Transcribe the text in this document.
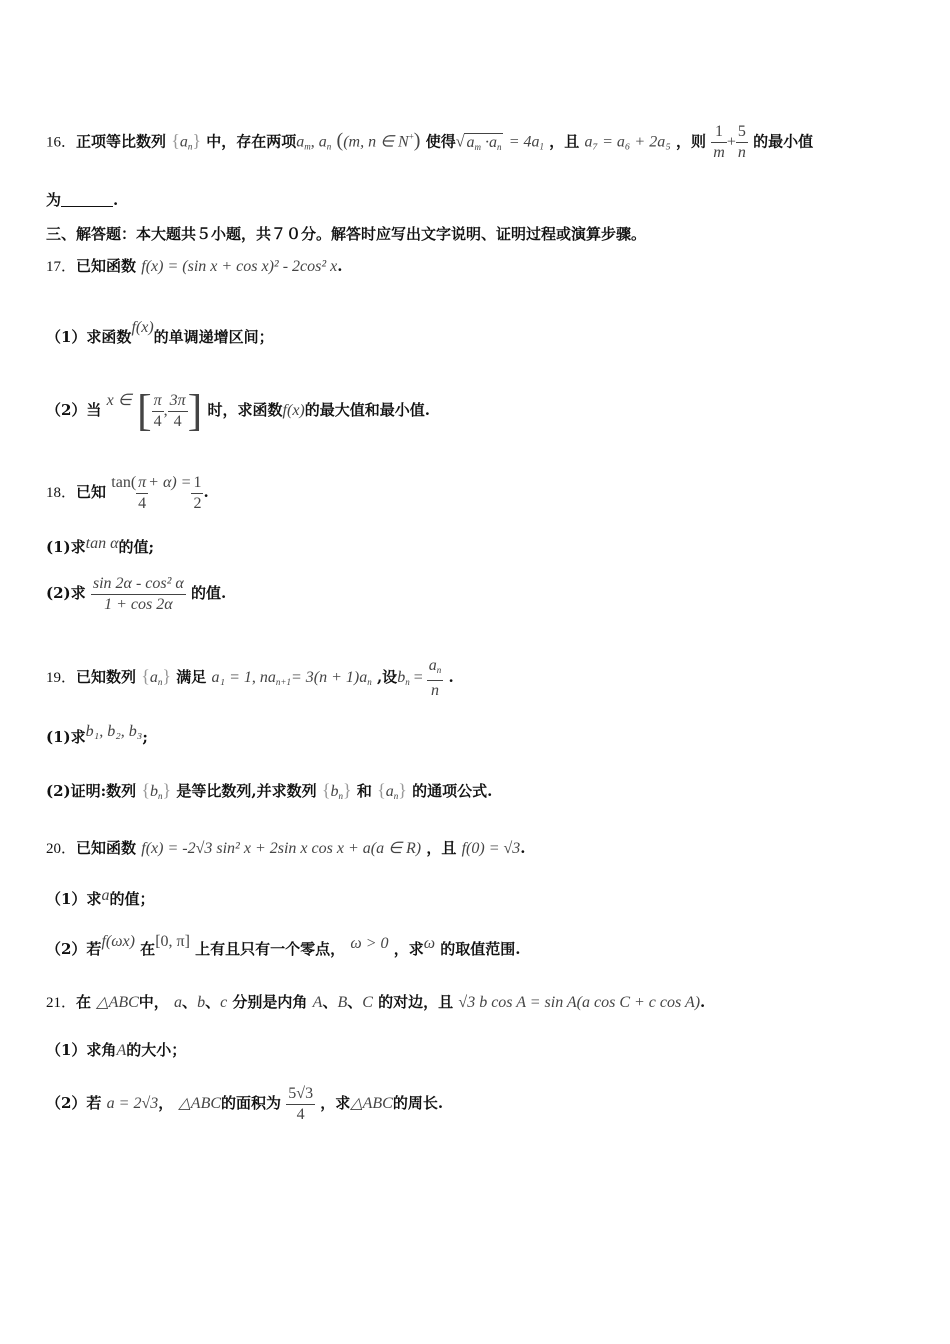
16．正项等比数列 $\{a_n\}$ 中，存在两项$a_m$, $a_n$ ((m, n ∈ N+) 使得√ $a_m \cdot a_n = 4a_1$ ，且 a₇ = a₆ + 2a₅ ，则 $\frac{1}{m} + \frac{5}{n}$ 的最小值
为	.
三、解答题：本大题共５小题，共７０分。解答时应写出文字说明、证明过程或演算步骤。
17．已知函数 f(x) = (sin x + cos x)² - 2cos² x.
（1）求函数f(x)的单调递增区间；
（2）当 x ∈ [ $\frac{\pi}{4}$ , $\frac{3\pi}{4}$ ] 时，求函数f(x)的最大值和最小值.
18．已知 $\tan( \frac{\pi}{4} + \alpha) = \frac{1}{2}$ .
(1)求tan α的值;
(2)求 $\frac{\text{sin 2α - cos² α}}{1 + \cos 2\alpha}$ 的值.
19．已知数列 $\{a_n\}$ 满足 a₁ = 1, $na_{n+1}= 3(n + 1)a_n$ ,设$b_n = \frac{a_n}{n}$ .
(1)求b₁, b₂, b₃;
(2)证明:数列 $\{b_n\}$ 是等比数列,并求数列 $\{b_n\}$ 和 $\{a_n\}$ 的通项公式.
20．已知函数 f(x) = -2√3 sin² x + 2sin x cos x + a(a ∈ R) ，且 f(0) = √3.
（1）求a的值；
（2）若f(ωx) 在[0, π] 上有且只有一个零点， ω > 0 ，求ω 的取值范围.
21．在 △ABC中， a、b、c 分别是内角 A、B、C 的对边，且 √3 b cos A = sin A(a cos C + c cos A).
（1）求角A的大小；
（2）若 a = 2√3， △ABC的面积为 $\frac{5√3}{4}$ ，求△ABC的周长.
